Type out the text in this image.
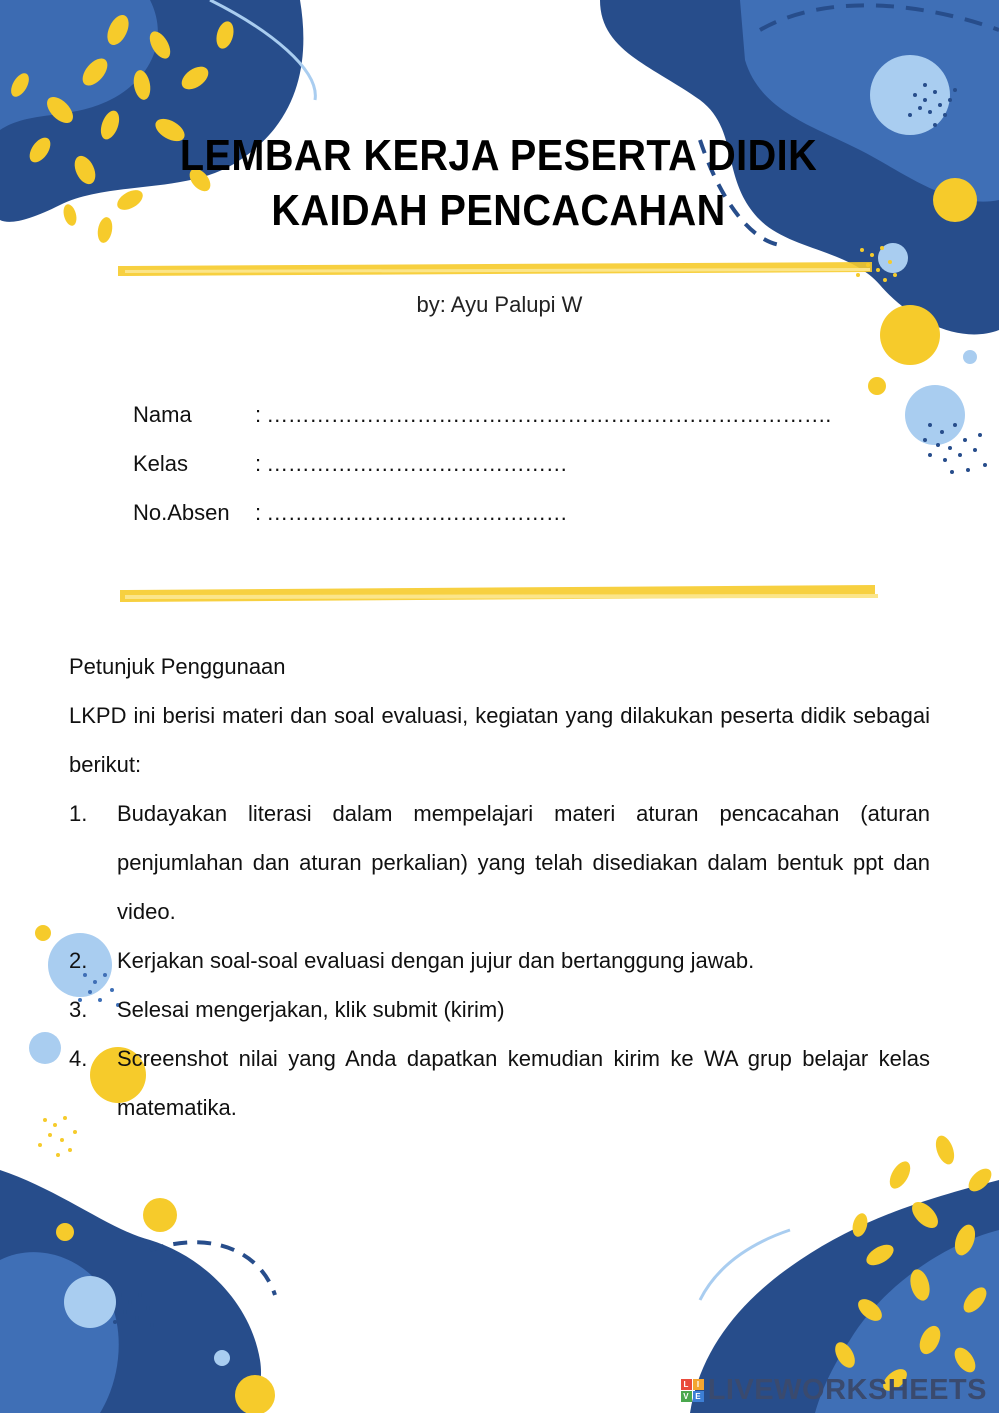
LEMBAR KERJA PESERTA DIDIK
KAIDAH PENCACAHAN
by: Ayu Palupi W
Nama	: …………………………………………………………………….
Kelas	: ……………………………………
No.Absen	: ……………………………………

Petunjuk Penggunaan

LKPD ini berisi materi dan soal evaluasi, kegiatan yang dilakukan peserta didik sebagai berikut:

1.	Budayakan literasi dalam mempelajari materi aturan pencacahan (aturan penjumlahan dan aturan perkalian) yang telah disediakan dalam bentuk ppt dan video.
2.	Kerjakan soal-soal evaluasi dengan jujur dan bertanggung jawab.
3.	Selesai mengerjakan, klik submit (kirim)
4.	Screenshot nilai yang Anda dapatkan kemudian kirim ke WA grup belajar kelas matematika.
L I
V E LIVEWORKSHEETS
